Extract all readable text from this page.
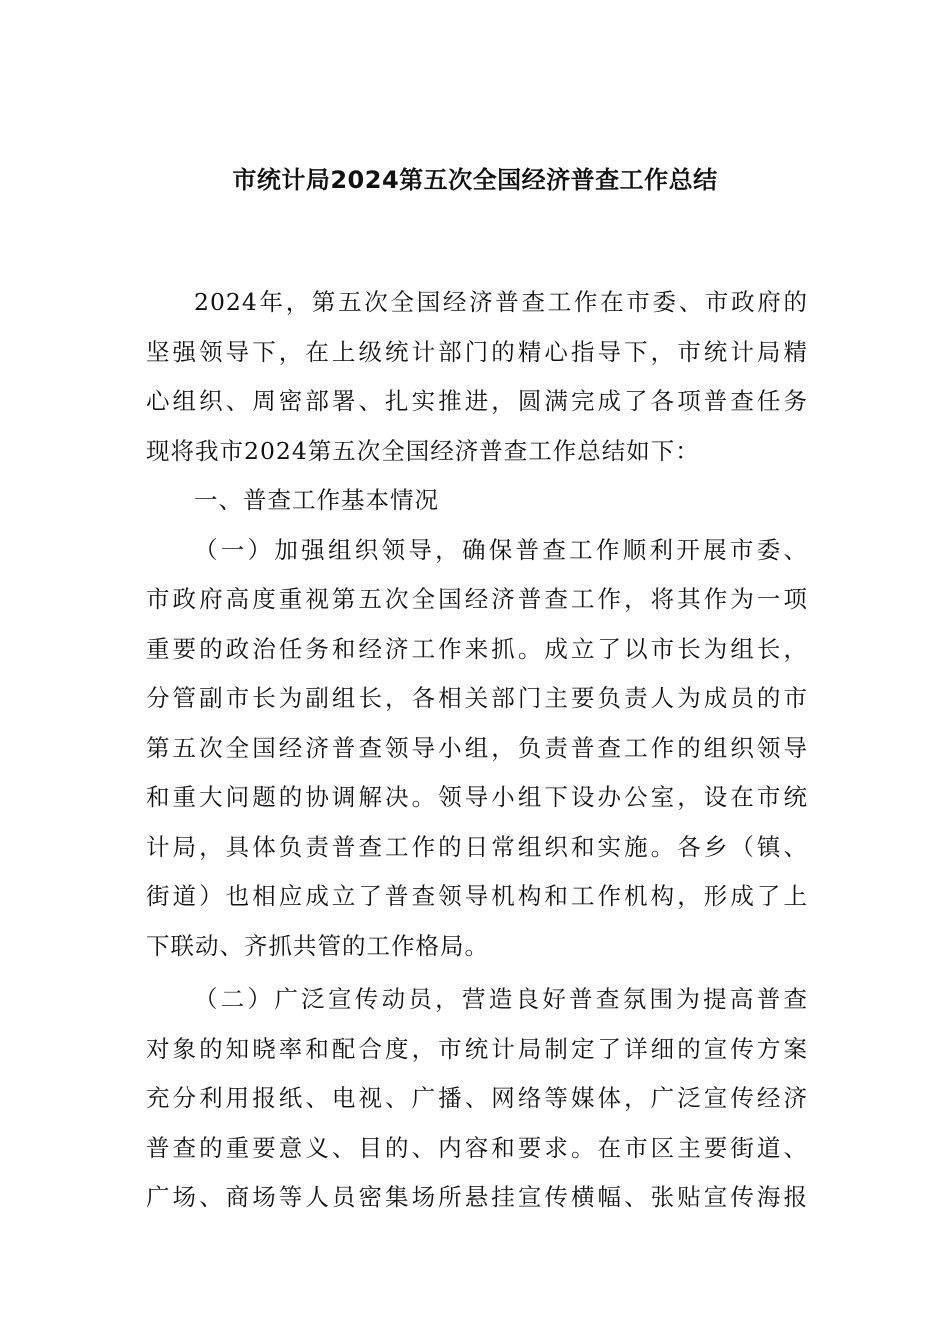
市统计局2024第五次全国经济普查工作总结
2024年，第五次全国经济普查工作在市委、市政府的
坚强领导下，在上级统计部门的精心指导下，市统计局精
心组织、周密部署、扎实推进，圆满完成了各项普查任务
现将我市2024第五次全国经济普查工作总结如下：
一、普查工作基本情况
（一）加强组织领导，确保普查工作顺利开展市委、
市政府高度重视第五次全国经济普查工作，将其作为一项
重要的政治任务和经济工作来抓。成立了以市长为组长，
分管副市长为副组长，各相关部门主要负责人为成员的市
第五次全国经济普查领导小组，负责普查工作的组织领导
和重大问题的协调解决。领导小组下设办公室，设在市统
计局，具体负责普查工作的日常组织和实施。各乡（镇、
街道）也相应成立了普查领导机构和工作机构，形成了上
下联动、齐抓共管的工作格局。
（二）广泛宣传动员，营造良好普查氛围为提高普查
对象的知晓率和配合度，市统计局制定了详细的宣传方案
充分利用报纸、电视、广播、网络等媒体，广泛宣传经济
普查的重要意义、目的、内容和要求。在市区主要街道、
广场、商场等人员密集场所悬挂宣传横幅、张贴宣传海报
